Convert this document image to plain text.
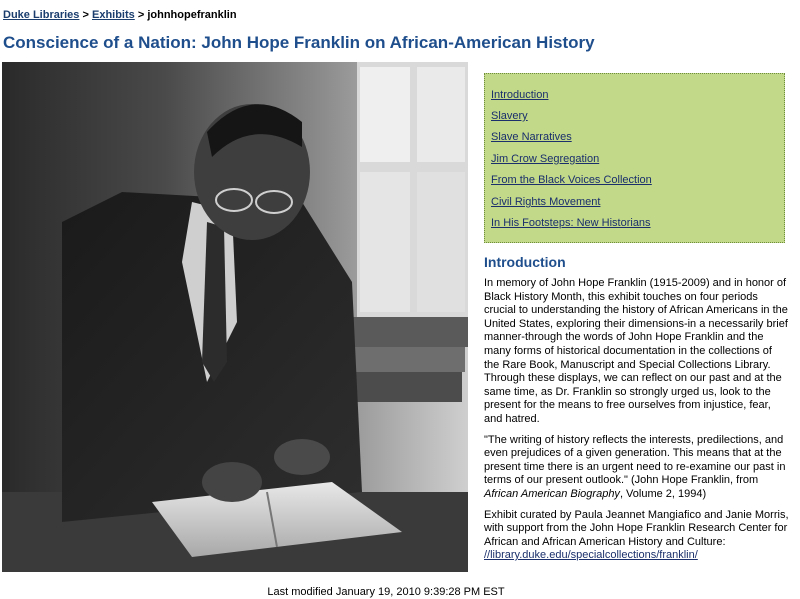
Duke Libraries > Exhibits > johnhopefranklin
Conscience of a Nation: John Hope Franklin on African-American History
Introduction
Slavery
Slave Narratives
Jim Crow Segregation
From the Black Voices Collection
Civil Rights Movement
In His Footsteps: New Historians
Introduction

In memory of John Hope Franklin (1915-2009) and in honor of Black History Month, this exhibit touches on four periods crucial to understanding the history of African Americans in the United States, exploring their dimensions-in a necessarily brief manner-through the words of John Hope Franklin and the many forms of historical documentation in the collections of the Rare Book, Manuscript and Special Collections Library. Through these displays, we can reflect on our past and at the same time, as Dr. Franklin so strongly urged us, look to the present for the means to free ourselves from injustice, fear, and hatred.

"The writing of history reflects the interests, predilections, and even prejudices of a given generation. This means that at the present time there is an urgent need to re-examine our past in terms of our present outlook." (John Hope Franklin, from African American Biography, Volume 2, 1994)

Exhibit curated by Paula Jeannet Mangiafico and Janie Morris, with support from the John Hope Franklin Research Center for African and African American History and Culture: //library.duke.edu/specialcollections/franklin/

Last modified January 19, 2010 9:39:28 PM EST
